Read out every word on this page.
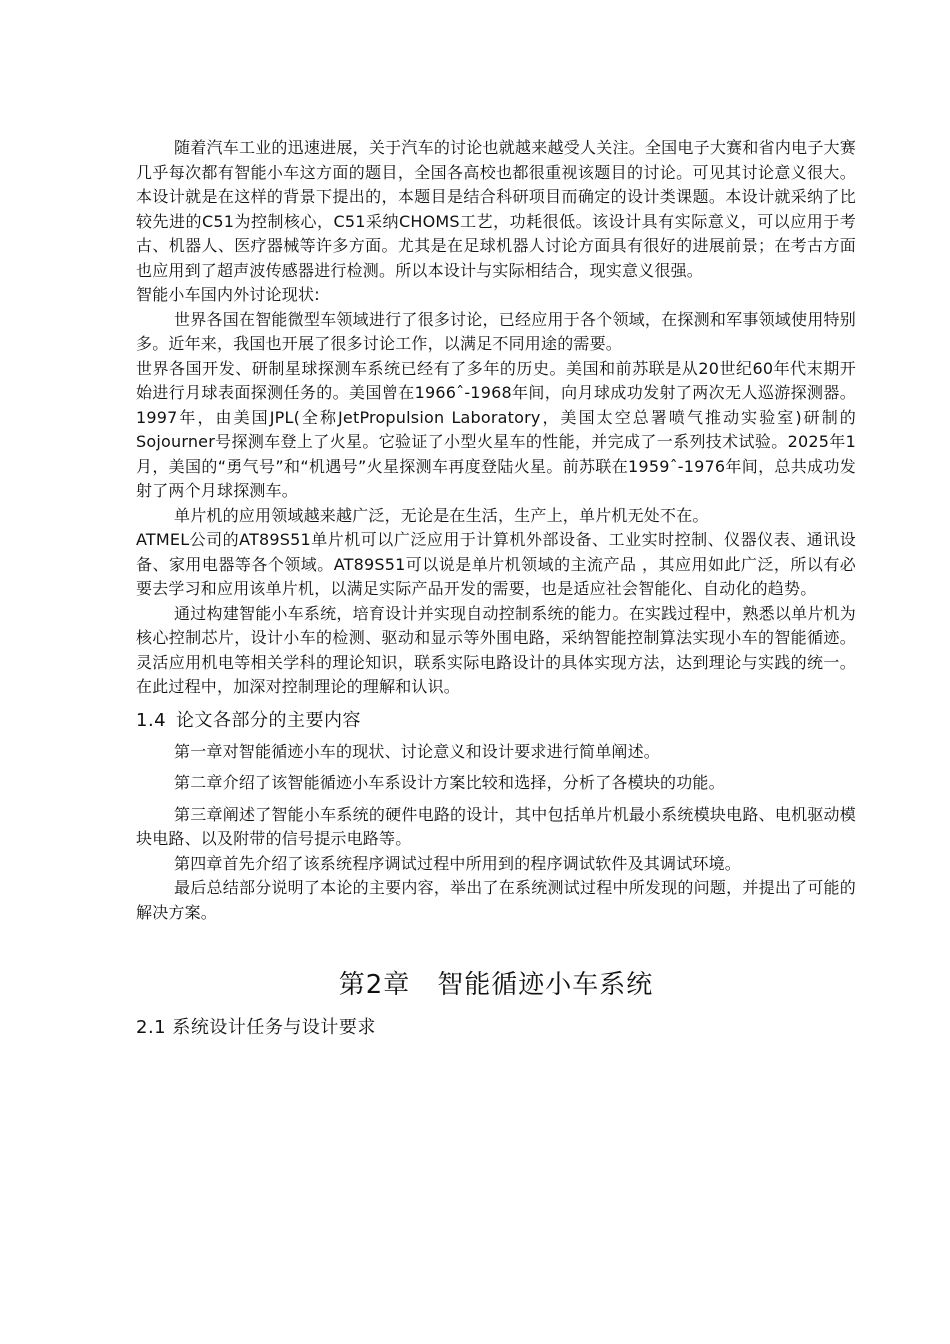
随着汽车工业的迅速进展，关于汽车的讨论也就越来越受人关注。全国电子大赛和省内电子大赛几乎每次都有智能小车这方面的题目，全国各高校也都很重视该题目的讨论。可见其讨论意义很大。本设计就是在这样的背景下提出的，本题目是结合科研项目而确定的设计类课题。本设计就采纳了比较先进的C51为控制核心，C51采纳CHOMS工艺，功耗很低。该设计具有实际意义，可以应用于考古、机器人、医疗器械等许多方面。尤其是在足球机器人讨论方面具有很好的进展前景；在考古方面也应用到了超声波传感器进行检测。所以本设计与实际相结合，现实意义很强。

智能小车国内外讨论现状:

世界各国在智能微型车领域进行了很多讨论，已经应用于各个领域，在探测和军事领域使用特别多。近年来，我国也开展了很多讨论工作，以满足不同用途的需要。

世界各国开发、研制星球探测车系统已经有了多年的历史。美国和前苏联是从20世纪60年代末期开始进行月球表面探测任务的。美国曾在1966ˆ-1968年间，向月球成功发射了两次无人巡游探测器。1997年，由美国JPL(全称JetPropulsion Laboratory，美国太空总署喷气推动实验室)研制的Sojourner号探测车登上了火星。它验证了小型火星车的性能，并完成了一系列技术试验。2025年1月，美国的“勇气号”和“机遇号”火星探测车再度登陆火星。前苏联在1959ˆ-1976年间，总共成功发射了两个月球探测车。

单片机的应用领域越来越广泛，无论是在生活，生产上，单片机无处不在。

ATMEL公司的AT89S51单片机可以广泛应用于计算机外部设备、工业实时控制、仪器仪表、通讯设备、家用电器等各个领域。AT89S51可以说是单片机领域的主流产品 ，其应用如此广泛，所以有必要去学习和应用该单片机，以满足实际产品开发的需要，也是适应社会智能化、自动化的趋势。

通过构建智能小车系统，培育设计并实现自动控制系统的能力。在实践过程中，熟悉以单片机为核心控制芯片，设计小车的检测、驱动和显示等外围电路，采纳智能控制算法实现小车的智能循迹。灵活应用机电等相关学科的理论知识，联系实际电路设计的具体实现方法，达到理论与实践的统一。在此过程中，加深对控制理论的理解和认识。

1.4 论文各部分的主要内容

第一章对智能循迹小车的现状、讨论意义和设计要求进行简单阐述。

第二章介绍了该智能循迹小车系设计方案比较和选择，分析了各模块的功能。

第三章阐述了智能小车系统的硬件电路的设计，其中包括单片机最小系统模块电路、电机驱动模块电路、以及附带的信号提示电路等。

第四章首先介绍了该系统程序调试过程中所用到的程序调试软件及其调试环境。

最后总结部分说明了本论的主要内容，举出了在系统测试过程中所发现的问题，并提出了可能的解决方案。

第2章　智能循迹小车系统
2.1 系统设计任务与设计要求
